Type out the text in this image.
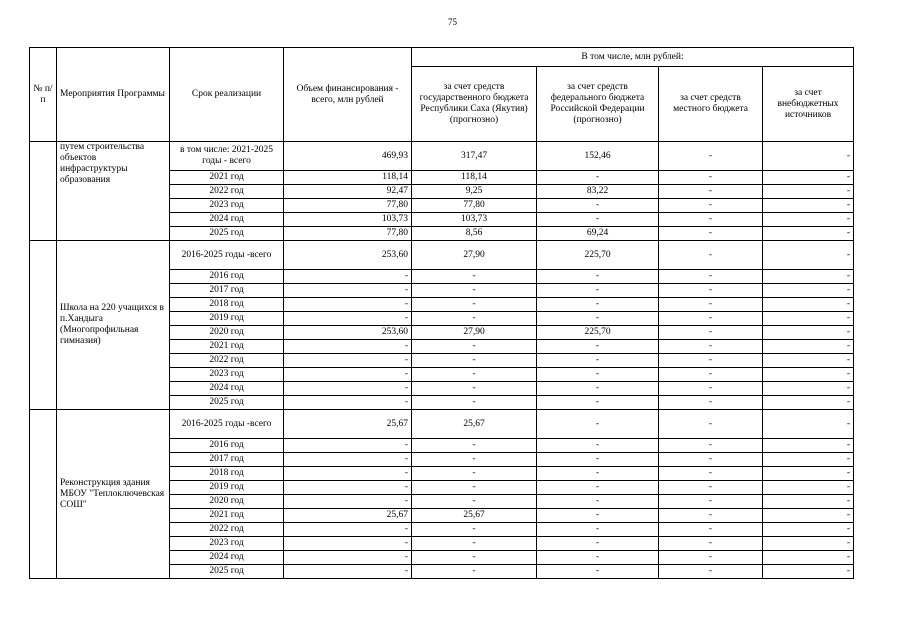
75
№ п/п	Мероприятия Программы	Срок реализации	Объем финансирования - всего, млн рублей	В том числе, млн рублей:			
				за счет средств государственного бюджета Республики Саха (Якутия) (прогнозно)	за счет средств федерального бюджета Российской Федерации (прогнозно)	за счет средств местного бюджета	за счет внебюджетных источников
	путем строительства объектов инфраструктуры образования	в том числе: 2021-2025 годы - всего	469,93	317,47	152,46	-	-
		2021 год	118,14	118,14	-	-	-
		2022 год	92,47	9,25	83,22	-	-
		2023 год	77,80	77,80	-	-	-
		2024 год	103,73	103,73	-	-	-
		2025 год	77,80	8,56	69,24	-	-
	Школа на 220 учащихся в п.Хандыга (Многопрофильная гимназия)	2016-2025 годы -всего	253,60	27,90	225,70	-	-
		2016 год	-	-	-	-	-
		2017 год	-	-	-	-	-
		2018 год	-	-	-	-	-
		2019 год	-	-	-	-	-
		2020 год	253,60	27,90	225,70	-	-
		2021 год	-	-	-	-	-
		2022 год	-	-	-	-	-
		2023 год	-	-	-	-	-
		2024 год	-	-	-	-	-
		2025 год	-	-	-	-	-
	Реконструкция здания МБОУ "Теплоключевская СОШ"	2016-2025 годы -всего	25,67	25,67	-	-	-
		2016 год	-	-	-	-	-
		2017 год	-	-	-	-	-
		2018 год	-	-	-	-	-
		2019 год	-	-	-	-	-
		2020 год	-	-	-	-	-
		2021 год	25,67	25,67	-	-	-
		2022 год	-	-	-	-	-
		2023 год	-	-	-	-	-
		2024 год	-	-	-	-	-
		2025 год	-	-	-	-	-
